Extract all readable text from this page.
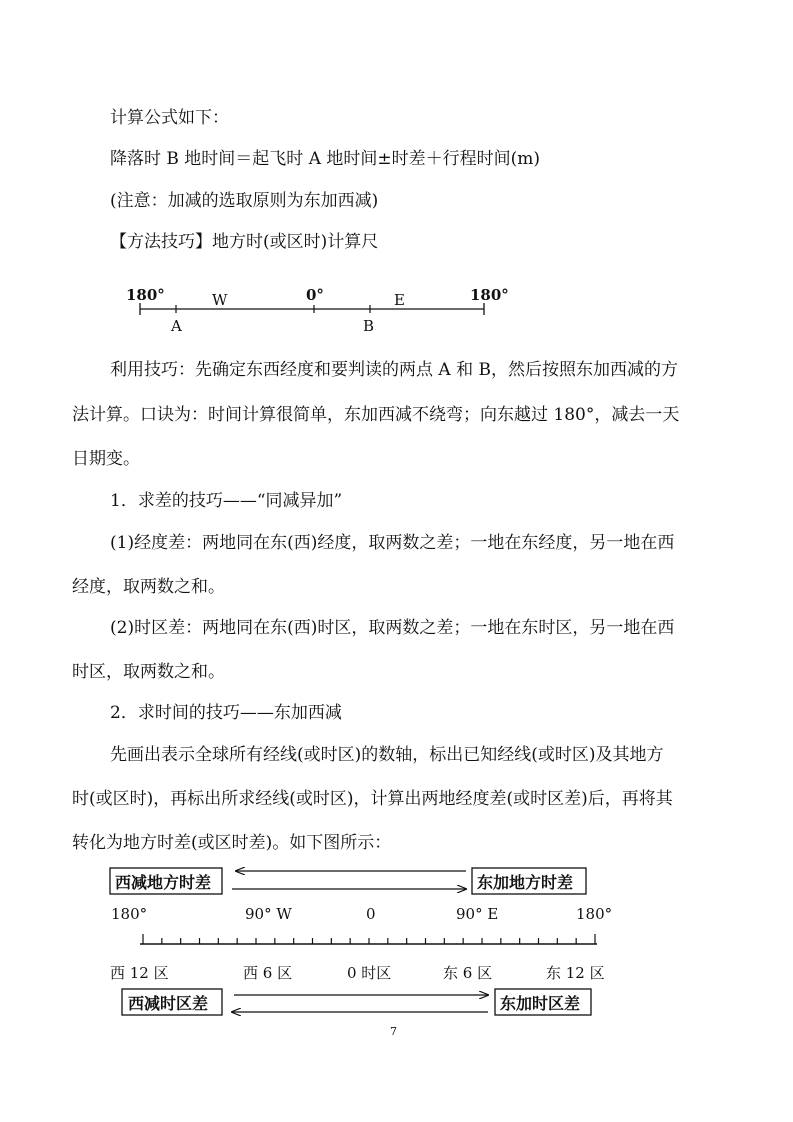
计算公式如下：
降落时 B 地时间＝起飞时 A 地时间±时差＋行程时间(m)
(注意：加减的选取原则为东加西减)
【方法技巧】地方时(或区时)计算尺
180°	W	0°	E	180°
A	B
利用技巧：先确定东西经度和要判读的两点 A 和 B，然后按照东加西减的方
法计算。口诀为：时间计算很简单，东加西减不绕弯；向东越过 180°，减去一天
日期变。
1．求差的技巧——“同减异加”
(1)经度差：两地同在东(西)经度，取两数之差；一地在东经度，另一地在西
经度，取两数之和。
(2)时区差：两地同在东(西)时区，取两数之差；一地在东时区，另一地在西
时区，取两数之和。
2．求时间的技巧——东加西减
先画出表示全球所有经线(或时区)的数轴，标出已知经线(或时区)及其地方
时(或区时)，再标出所求经线(或时区)，计算出两地经度差(或时区差)后，再将其
转化为地方时差(或区时差)。如下图所示：
西减地方时差	东加地方时差
180°	90° W	0	90° E	180°
西 12 区	西 6 区	0 时区	东 6 区	东 12 区
西减时区差	东加时区差
7
